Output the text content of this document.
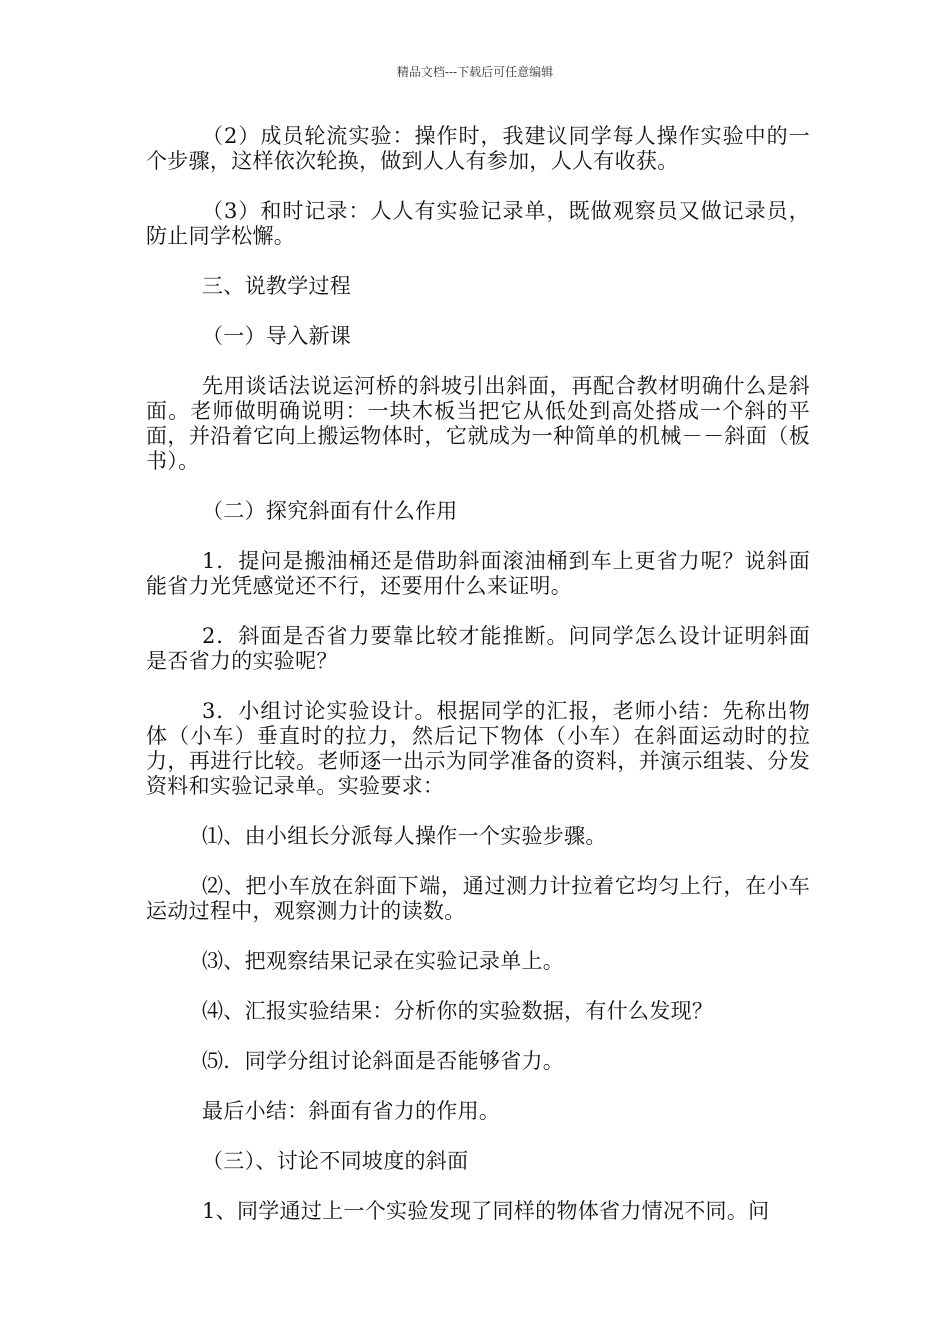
精品文档---下载后可任意编辑

（2）成员轮流实验：操作时，我建议同学每人操作实验中的一个步骤，这样依次轮换，做到人人有参加，人人有收获。

（3）和时记录：人人有实验记录单，既做观察员又做记录员，防止同学松懈。

三、说教学过程

（一）导入新课

先用谈话法说运河桥的斜坡引出斜面，再配合教材明确什么是斜面。老师做明确说明：一块木板当把它从低处到高处搭成一个斜的平面，并沿着它向上搬运物体时，它就成为一种简单的机械－－斜面（板书）。

（二）探究斜面有什么作用

1．提问是搬油桶还是借助斜面滚油桶到车上更省力呢？说斜面能省力光凭感觉还不行，还要用什么来证明。

2．斜面是否省力要靠比较才能推断。问同学怎么设计证明斜面是否省力的实验呢？

3．小组讨论实验设计。根据同学的汇报，老师小结：先称出物体（小车）垂直时的拉力，然后记下物体（小车）在斜面运动时的拉力，再进行比较。老师逐一出示为同学准备的资料，并演示组装、分发资料和实验记录单。实验要求：

⑴、由小组长分派每人操作一个实验步骤。

⑵、把小车放在斜面下端，通过测力计拉着它均匀上行，在小车运动过程中，观察测力计的读数。

⑶、把观察结果记录在实验记录单上。

⑷、汇报实验结果：分析你的实验数据，有什么发现？

⑸．同学分组讨论斜面是否能够省力。

最后小结：斜面有省力的作用。

（三）、讨论不同坡度的斜面

1、同学通过上一个实验发现了同样的物体省力情况不同。问
